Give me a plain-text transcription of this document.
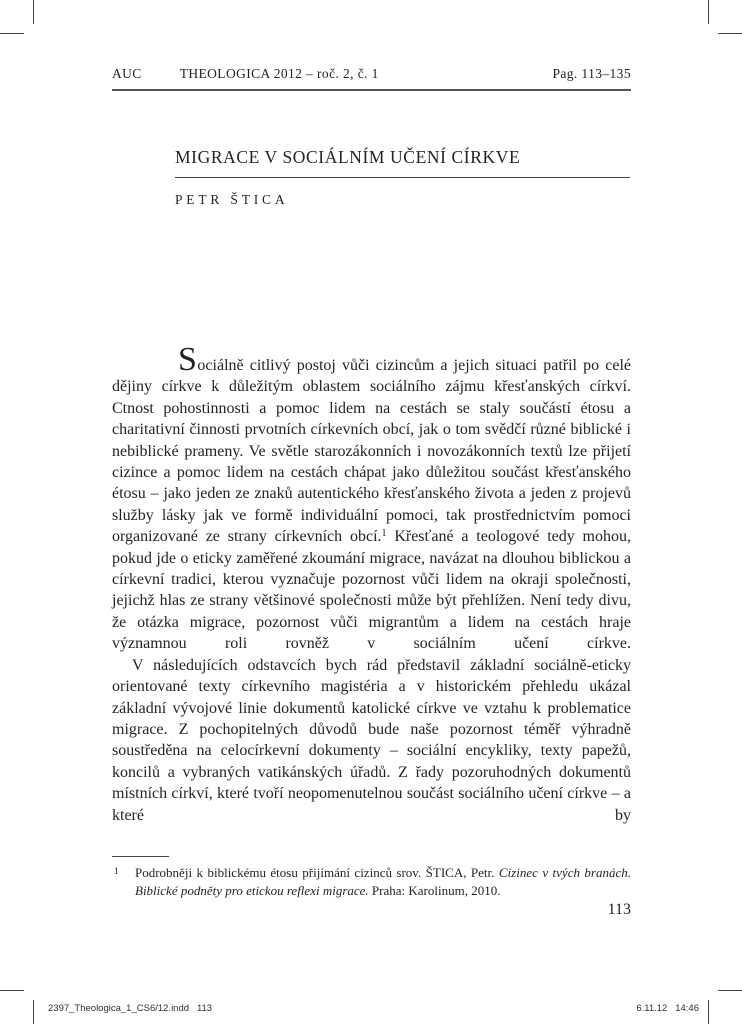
AUC	THEOLOGICA 2012 – roč. 2, č. 1	Pag. 113–135
MIGRACE V SOCIÁLNÍM UČENÍ CÍRKVE
PETR ŠTICA

Sociálně citlivý postoj vůči cizincům a jejich situaci patřil po celé dějiny církve k důležitým oblastem sociálního zájmu křesťanských církví. Ctnost pohostinnosti a pomoc lidem na cestách se staly součástí étosu a charitativní činnosti prvotních církevních obcí, jak o tom svědčí různé biblické i nebiblické prameny. Ve světle starozákonních i novozákonních textů lze přijetí cizince a pomoc lidem na cestách chápat jako důležitou součást křesťanského étosu – jako jeden ze znaků autentického křesťanského života a jeden z projevů služby lásky jak ve formě individuální pomoci, tak prostřednictvím pomoci organizované ze strany církevních obcí.$^1$ Křesťané a teologové tedy mohou, pokud jde o eticky zaměřené zkoumání migrace, navázat na dlouhou biblickou a církevní tradici, kterou vyznačuje pozornost vůči lidem na okraji společnosti, jejichž hlas ze strany většinové společnosti může být přehlížen. Není tedy divu, že otázka migrace, pozornost vůči migrantům a lidem na cestách hraje významnou roli rovněž v sociálním učení církve.

V následujících odstavcích bych rád představil základní sociálně-eticky orientované texty církevního magistéria a v historickém přehledu ukázal základní vývojové linie dokumentů katolické církve ve vztahu k problematice migrace. Z pochopitelných důvodů bude naše pozornost téměř výhradně soustředěna na celocírkevní dokumenty – sociální encykliky, texty papežů, koncilů a vybraných vatikánských úřadů. Z řady pozoruhodných dokumentů místních církví, které tvoří neopomenutelnou součást sociálního učení církve – a které by

1 Podrobněji k biblickému étosu přijímání cizinců srov. ŠTICA, Petr. Cizinec v tvých branách. Biblické podněty pro etickou reflexi migrace. Praha: Karolinum, 2010.
113
2397_Theologica_1_CS6/12.indd   113	6.11.12   14:46
